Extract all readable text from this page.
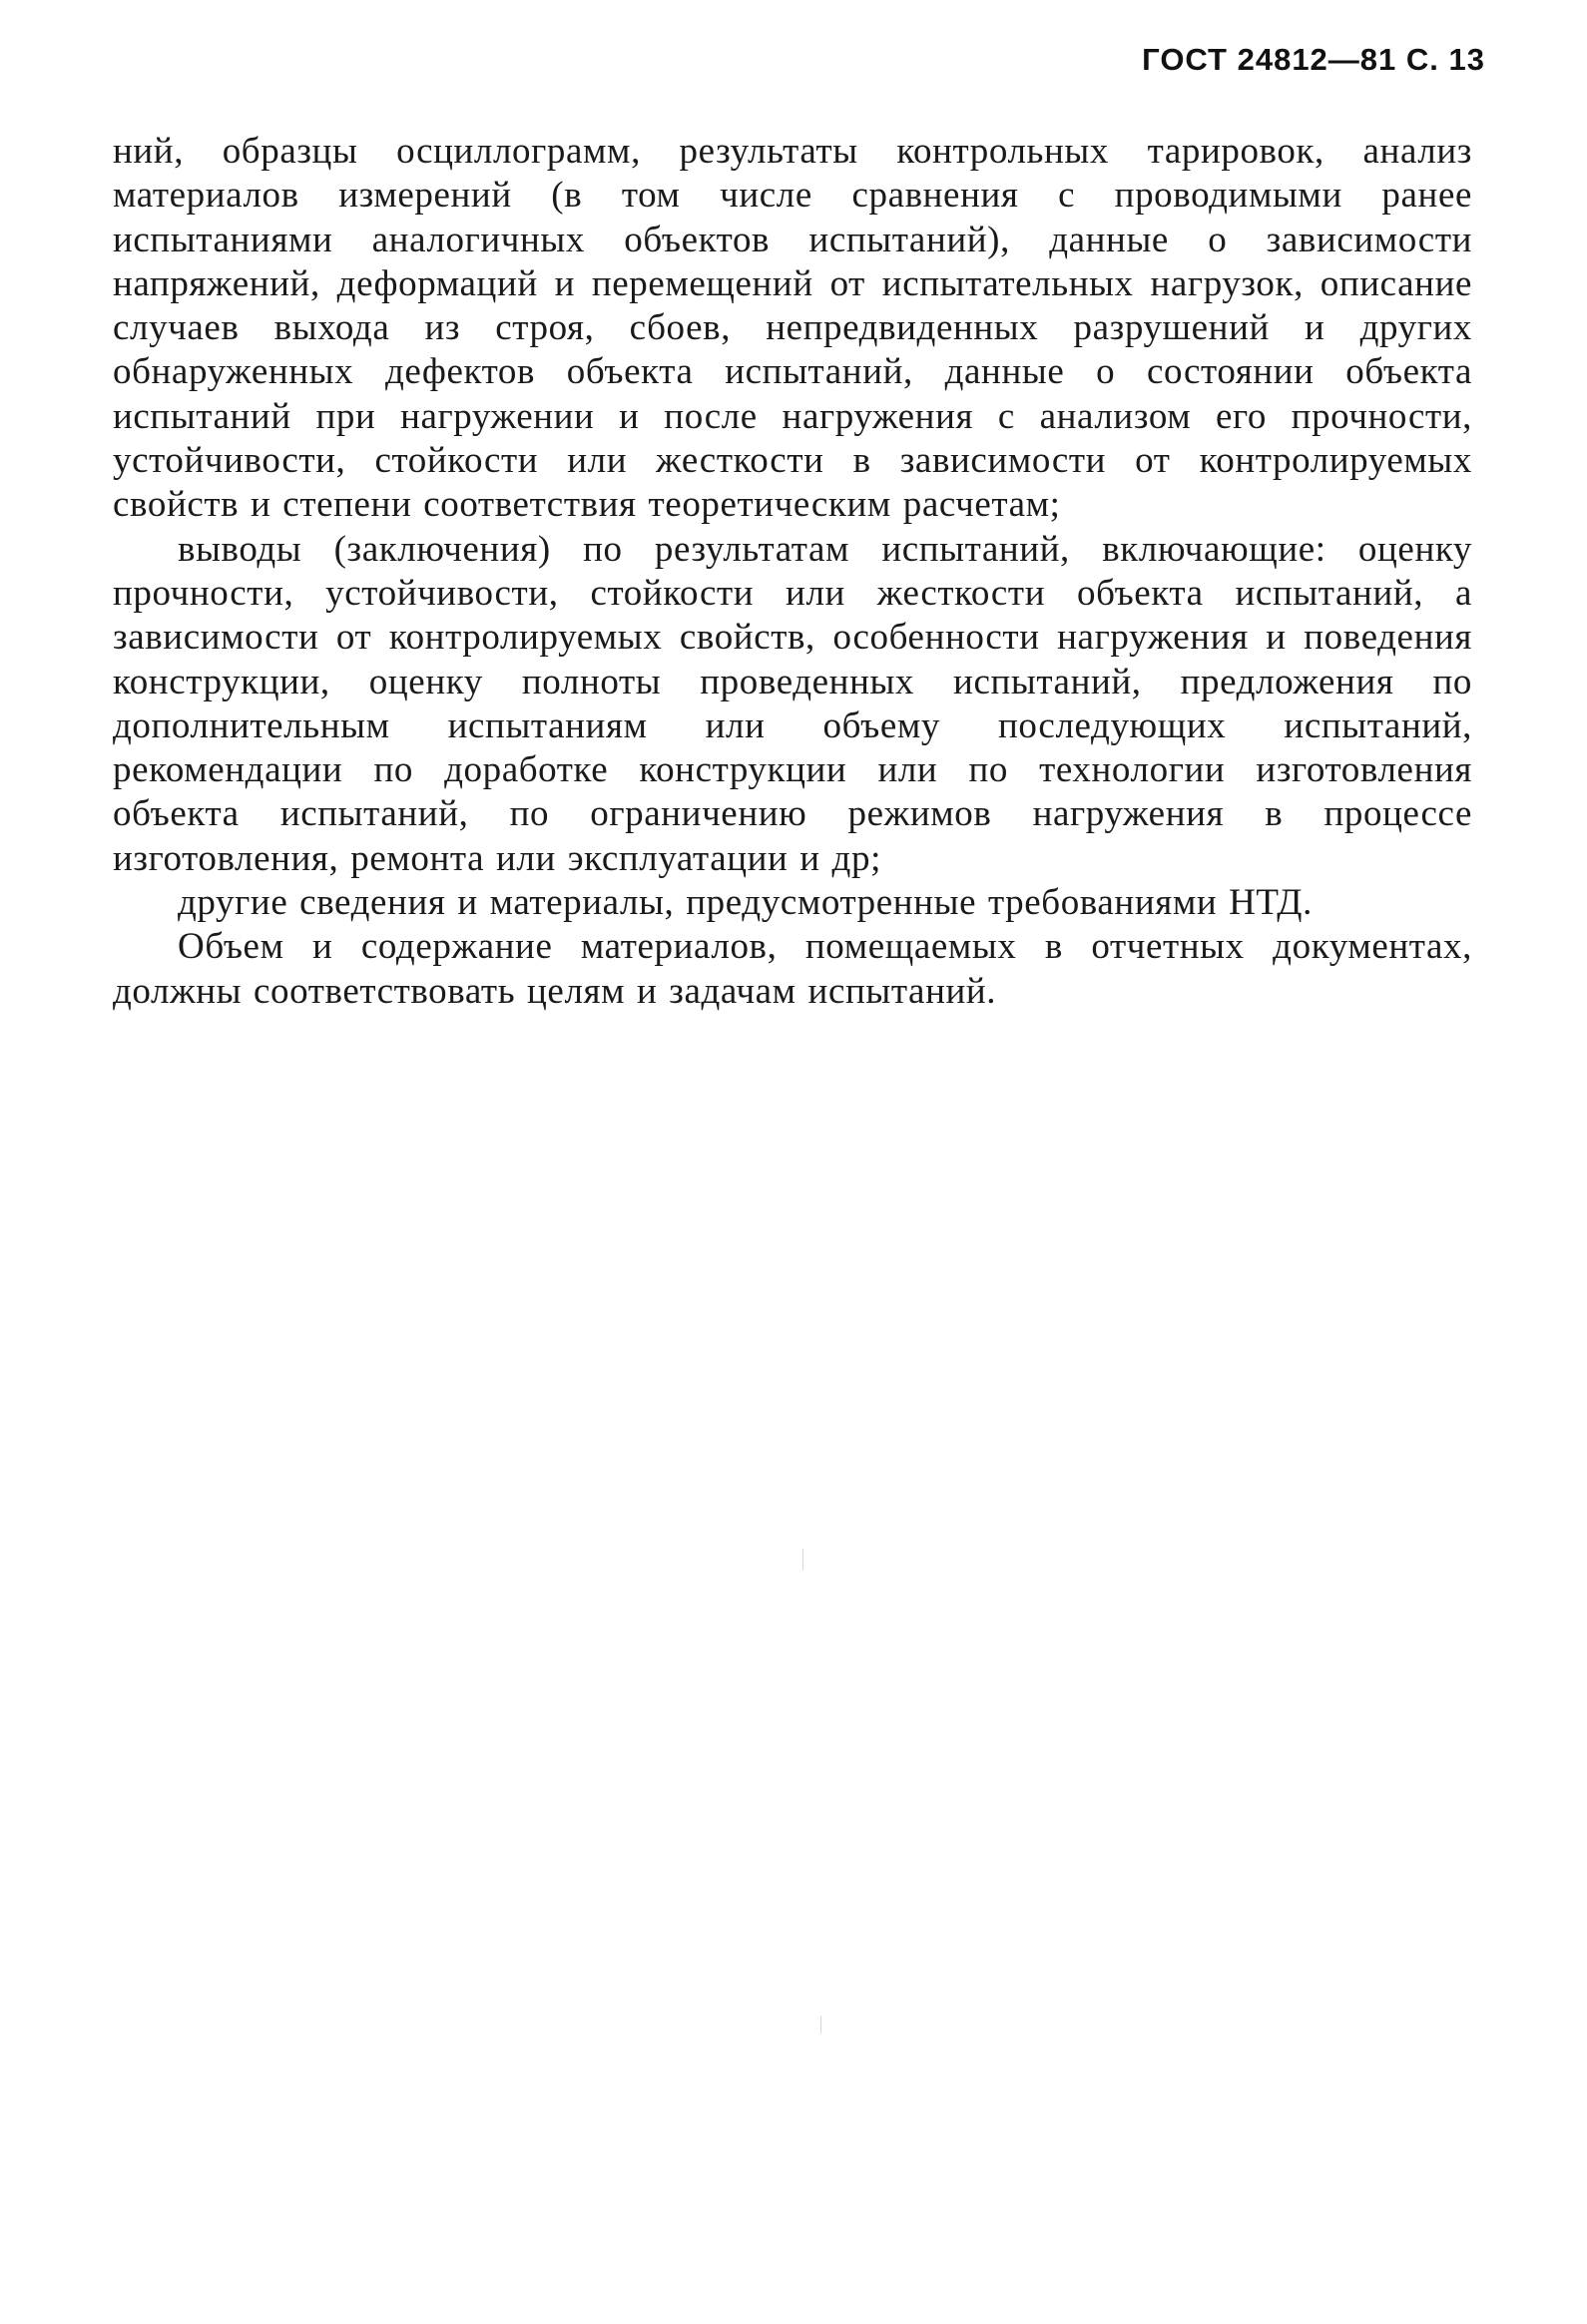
ГОСТ 24812—81 С. 13

ний, образцы осциллограмм, результаты контрольных тарировок, анализ материалов измерений (в том числе сравнения с проводимыми ранее испытаниями аналогичных объектов испытаний), данные о зависимости напряжений, деформаций и перемещений от испытательных нагрузок, описание случаев выхода из строя, сбоев, непредвиденных разрушений и других обнаруженных дефектов объекта испытаний, данные о состоянии объекта испытаний при нагружении и после нагружения с анализом его прочности, устойчивости, стойкости или жесткости в зависимости от контролируемых свойств и степени соответствия теоретическим расчетам;

выводы (заключения) по результатам испытаний, включающие: оценку прочности, устойчивости, стойкости или жесткости объекта испытаний, а зависимости от контролируемых свойств, особенности нагружения и поведения конструкции, оценку полноты проведенных испытаний, предложения по дополнительным испытаниям или объему последующих испытаний, рекомендации по доработке конструкции или по технологии изготовления объекта испытаний, по ограничению режимов нагружения в процессе изготовления, ремонта или эксплуатации и др;

другие сведения и материалы, предусмотренные требованиями НТД.

Объем и содержание материалов, помещаемых в отчетных документах, должны соответствовать целям и задачам испытаний.
